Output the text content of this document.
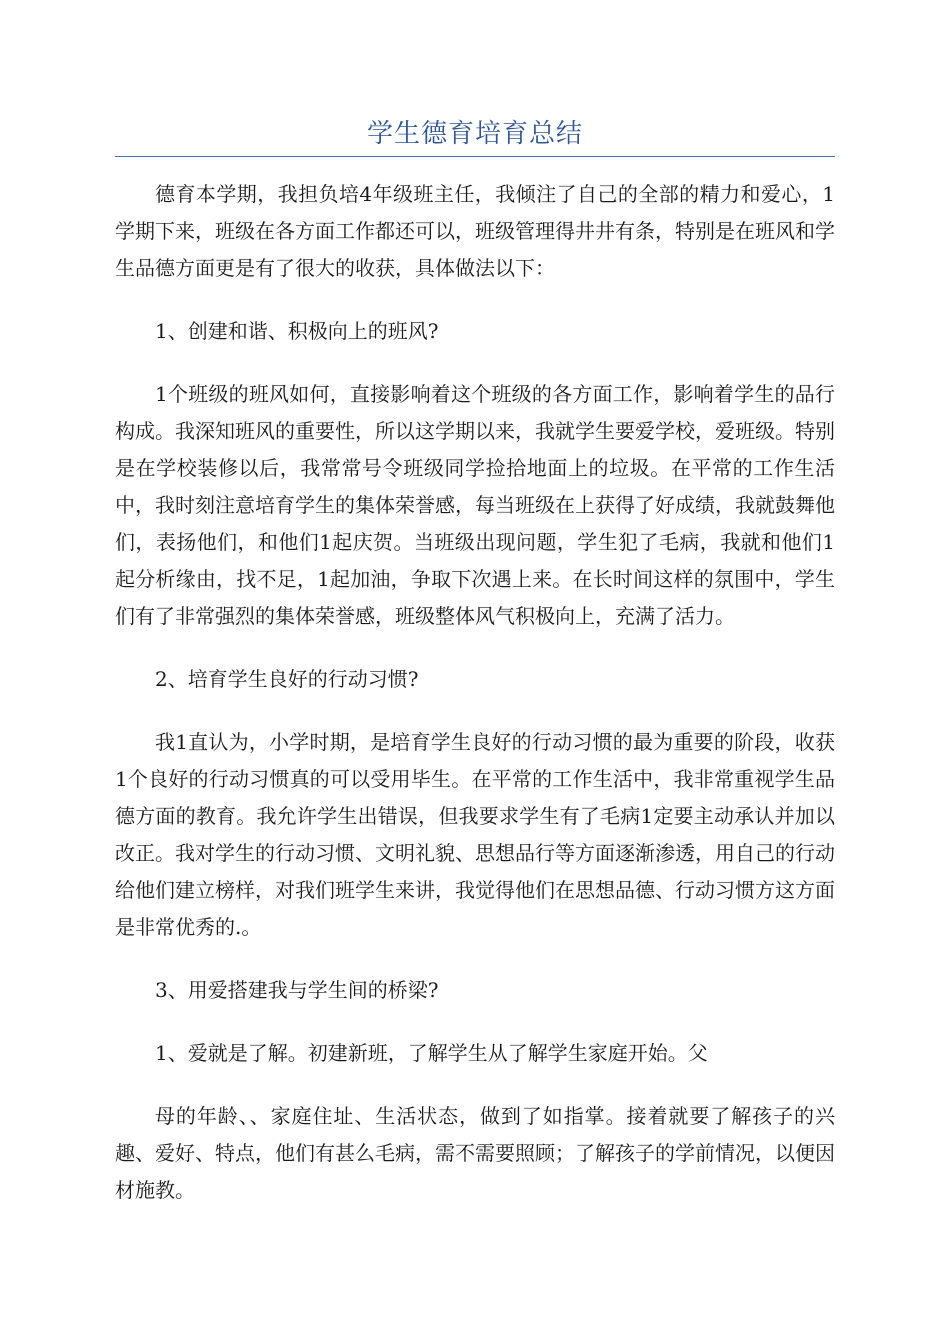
学生德育培育总结

德育本学期，我担负培4年级班主任，我倾注了自己的全部的精力和爱心，1学期下来，班级在各方面工作都还可以，班级管理得井井有条，特别是在班风和学生品德方面更是有了很大的收获，具体做法以下：

1、创建和谐、积极向上的班风?

1个班级的班风如何，直接影响着这个班级的各方面工作，影响着学生的品行构成。我深知班风的重要性，所以这学期以来，我就学生要爱学校，爱班级。特别是在学校装修以后，我常常号令班级同学捡拾地面上的垃圾。在平常的工作生活中，我时刻注意培育学生的集体荣誉感，每当班级在上获得了好成绩，我就鼓舞他们，表扬他们，和他们1起庆贺。当班级出现问题，学生犯了毛病，我就和他们1起分析缘由，找不足，1起加油，争取下次遇上来。在长时间这样的氛围中，学生们有了非常强烈的集体荣誉感，班级整体风气积极向上，充满了活力。

2、培育学生良好的行动习惯?

我1直认为，小学时期，是培育学生良好的行动习惯的最为重要的阶段，收获1个良好的行动习惯真的可以受用毕生。在平常的工作生活中，我非常重视学生品德方面的教育。我允许学生出错误，但我要求学生有了毛病1定要主动承认并加以改正。我对学生的行动习惯、文明礼貌、思想品行等方面逐渐渗透，用自己的行动给他们建立榜样，对我们班学生来讲，我觉得他们在思想品德、行动习惯方这方面是非常优秀的.。

3、用爱搭建我与学生间的桥梁?

1、爱就是了解。初建新班，了解学生从了解学生家庭开始。父

母的年龄、、家庭住址、生活状态，做到了如指掌。接着就要了解孩子的兴趣、爱好、特点，他们有甚么毛病，需不需要照顾；了解孩子的学前情况，以便因材施教。
